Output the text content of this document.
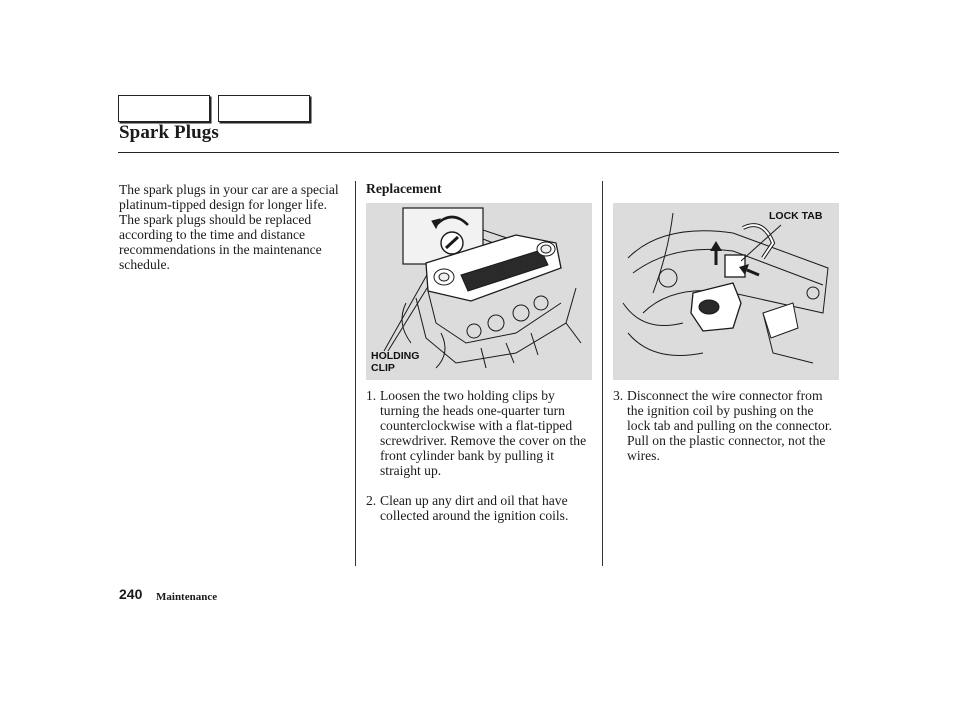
Spark Plugs

The spark plugs in your car are a special platinum-tipped design for longer life. The spark plugs should be replaced according to the time and distance recommendations in the maintenance schedule.

Replacement
HOLDING
CLIP
LOCK TAB
1. Loosen the two holding clips by turning the heads one-quarter turn counterclockwise with a flat-tipped screwdriver. Remove the cover on the front cylinder bank by pulling it straight up.
2. Clean up any dirt and oil that have collected around the ignition coils.
3. Disconnect the wire connector from the ignition coil by pushing on the lock tab and pulling on the connector. Pull on the plastic connector, not the wires.
240 Maintenance
